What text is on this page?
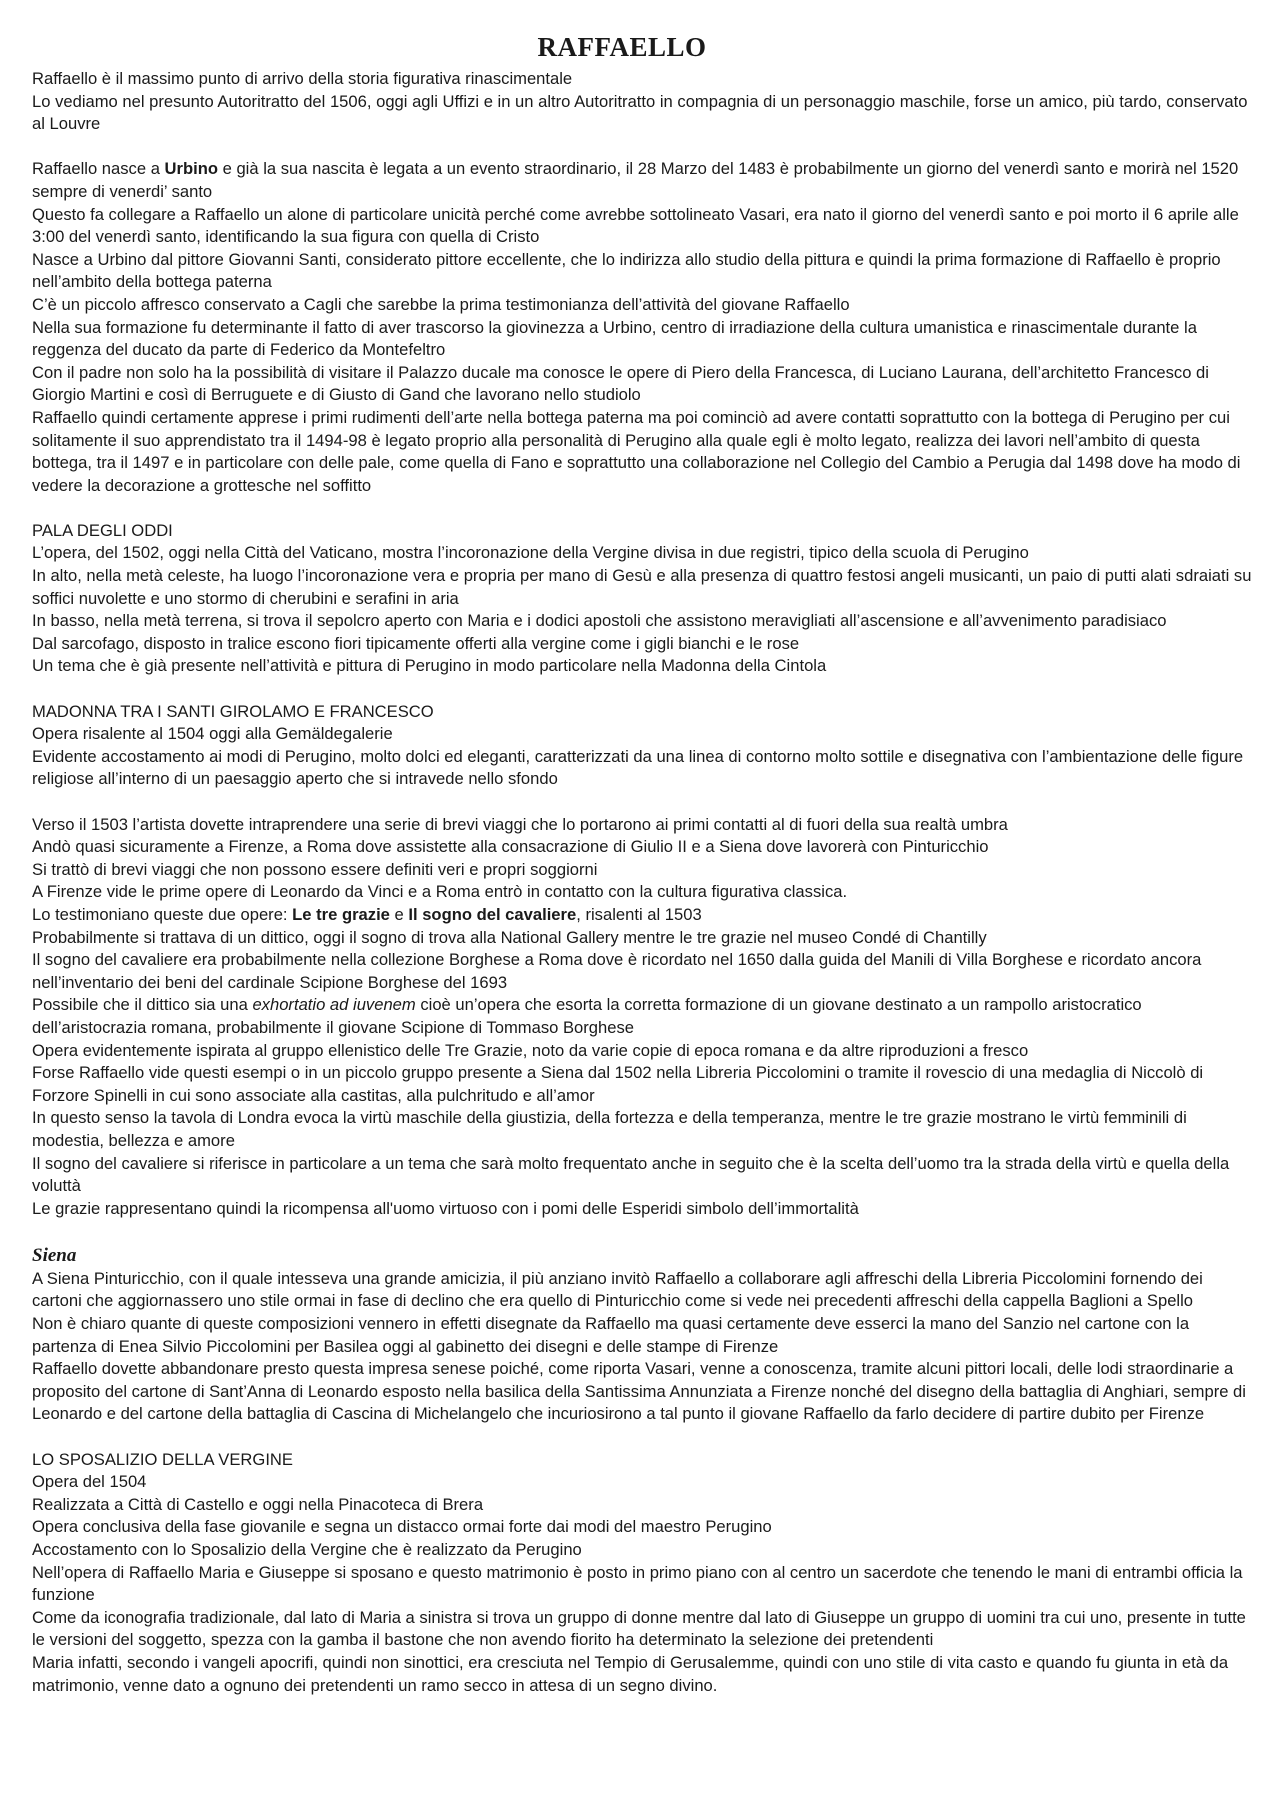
RAFFAELLO
Raffaello è il massimo punto di arrivo della storia figurativa rinascimentale
Lo vediamo nel presunto Autoritratto del 1506, oggi agli Uffizi e in un altro Autoritratto in compagnia di un personaggio maschile, forse un amico, più tardo, conservato al Louvre
Raffaello nasce a Urbino e già la sua nascita è legata a un evento straordinario, il 28 Marzo del 1483 è probabilmente un giorno del venerdì santo e morirà nel 1520 sempre di venerdi’ santo
Questo fa collegare a Raffaello un alone di particolare unicità perché come avrebbe sottolineato Vasari, era nato il giorno del venerdì santo e poi morto il 6 aprile alle 3:00 del venerdì santo, identificando la sua figura con quella di Cristo
Nasce a Urbino dal pittore Giovanni Santi, considerato pittore eccellente, che lo indirizza allo studio della pittura e quindi la prima formazione di Raffaello è proprio nell’ambito della bottega paterna
C’è un piccolo affresco conservato a Cagli che sarebbe la prima testimonianza dell’attività del giovane Raffaello
Nella sua formazione fu determinante il fatto di aver trascorso la giovinezza a Urbino, centro di irradiazione della cultura umanistica e rinascimentale durante la reggenza del ducato da parte di Federico da Montefeltro
Con il padre non solo ha la possibilità di visitare il Palazzo ducale ma conosce le opere di Piero della Francesca, di Luciano Laurana, dell’architetto Francesco di Giorgio Martini e così di Berruguete e di Giusto di Gand che lavorano nello studiolo
Raffaello quindi certamente apprese i primi rudimenti dell’arte nella bottega paterna ma poi cominciò ad avere contatti soprattutto con la bottega di Perugino per cui solitamente il suo apprendistato tra il 1494-98 è legato proprio alla personalità di Perugino alla quale egli è molto legato, realizza dei lavori nell’ambito di questa bottega, tra il 1497 e in particolare con delle pale, come quella di Fano e soprattutto una collaborazione nel Collegio del Cambio a Perugia dal 1498 dove ha modo di vedere la decorazione a grottesche nel soffitto
PALA DEGLI ODDI
L’opera, del 1502, oggi nella Città del Vaticano, mostra l’incoronazione della Vergine divisa in due registri, tipico della scuola di Perugino
In alto, nella metà celeste, ha luogo l’incoronazione vera e propria per mano di Gesù e alla presenza di quattro festosi angeli musicanti, un paio di putti alati sdraiati su soffici nuvolette e uno stormo di cherubini e serafini in aria
In basso, nella metà terrena, si trova il sepolcro aperto con Maria e i dodici apostoli che assistono meravigliati all’ascensione e all’avvenimento paradisiaco
Dal sarcofago, disposto in tralice escono fiori tipicamente offerti alla vergine come i gigli bianchi e le rose
Un tema che è già presente nell’attività e pittura di Perugino in modo particolare nella Madonna della Cintola
MADONNA TRA I SANTI GIROLAMO E FRANCESCO
Opera risalente al 1504 oggi alla Gemäldegalerie
Evidente accostamento ai modi di Perugino, molto dolci ed eleganti, caratterizzati da una linea di contorno molto sottile e disegnativa con l’ambientazione delle figure religiose all’interno di un paesaggio aperto che si intravede nello sfondo
Verso il 1503 l’artista dovette intraprendere una serie di brevi viaggi che lo portarono ai primi contatti al di fuori della sua realtà umbra
Andò quasi sicuramente a Firenze, a Roma dove assistette alla consacrazione di Giulio II e a Siena dove lavorerà con Pinturicchio
Si trattò di brevi viaggi che non possono essere definiti veri e propri soggiorni
A Firenze vide le prime opere di Leonardo da Vinci e a Roma entrò in contatto con la cultura figurativa classica.
Lo testimoniano queste due opere: Le tre grazie e Il sogno del cavaliere, risalenti al 1503
Probabilmente si trattava di un dittico, oggi il sogno di trova alla National Gallery mentre le tre grazie nel museo Condé di Chantilly
Il sogno del cavaliere era probabilmente nella collezione Borghese a Roma dove è ricordato nel 1650 dalla guida del Manili di Villa Borghese e ricordato ancora nell’inventario dei beni del cardinale Scipione Borghese del 1693
Possibile che il dittico sia una exhortatio ad iuvenem cioè un’opera che esorta la corretta formazione di un giovane destinato a un rampollo aristocratico dell’aristocrazia romana, probabilmente il giovane Scipione di Tommaso Borghese
Opera evidentemente ispirata al gruppo ellenistico delle Tre Grazie, noto da varie copie di epoca romana e da altre riproduzioni a fresco
Forse Raffaello vide questi esempi o in un piccolo gruppo presente a Siena dal 1502 nella Libreria Piccolomini o tramite il rovescio di una medaglia di Niccolò di Forzore Spinelli in cui sono associate alla castitas, alla pulchritudo e all’amor
In questo senso la tavola di Londra evoca la virtù maschile della giustizia, della fortezza e della temperanza, mentre le tre grazie mostrano le virtù femminili di modestia, bellezza e amore
Il sogno del cavaliere si riferisce in particolare a un tema che sarà molto frequentato anche in seguito che è la scelta dell’uomo tra la strada della virtù e quella della voluttà
Le grazie rappresentano quindi la ricompensa all'uomo virtuoso con i pomi delle Esperidi simbolo dell’immortalità
Siena
A Siena Pinturicchio, con il quale intesseva una grande amicizia, il più anziano invitò Raffaello a collaborare agli affreschi della Libreria Piccolomini fornendo dei cartoni che aggiornassero uno stile ormai in fase di declino che era quello di Pinturicchio come si vede nei precedenti affreschi della cappella Baglioni a Spello
Non è chiaro quante di queste composizioni vennero in effetti disegnate da Raffaello ma quasi certamente deve esserci la mano del Sanzio nel cartone con la partenza di Enea Silvio Piccolomini per Basilea oggi al gabinetto dei disegni e delle stampe di Firenze
Raffaello dovette abbandonare presto questa impresa senese poiché, come riporta Vasari, venne a conoscenza, tramite alcuni pittori locali, delle lodi straordinarie a proposito del cartone di Sant’Anna di Leonardo esposto nella basilica della Santissima Annunziata a Firenze nonché del disegno della battaglia di Anghiari, sempre di Leonardo e del cartone della battaglia di Cascina di Michelangelo che incuriosirono a tal punto il giovane Raffaello da farlo decidere di partire dubito per Firenze
LO SPOSALIZIO DELLA VERGINE
Opera del 1504
Realizzata a Città di Castello e oggi nella Pinacoteca di Brera
Opera conclusiva della fase giovanile e segna un distacco ormai forte dai modi del maestro Perugino
Accostamento con lo Sposalizio della Vergine che è realizzato da Perugino
Nell’opera di Raffaello Maria e Giuseppe si sposano e questo matrimonio è posto in primo piano con al centro un sacerdote che tenendo le mani di entrambi officia la funzione
Come da iconografia tradizionale, dal lato di Maria a sinistra si trova un gruppo di donne mentre dal lato di Giuseppe un gruppo di uomini tra cui uno, presente in tutte le versioni del soggetto, spezza con la gamba il bastone che non avendo fiorito ha determinato la selezione dei pretendenti
Maria infatti, secondo i vangeli apocrifi, quindi non sinottici, era cresciuta nel Tempio di Gerusalemme, quindi con uno stile di vita casto e quando fu giunta in età da matrimonio, venne dato a ognuno dei pretendenti un ramo secco in attesa di un segno divino.
